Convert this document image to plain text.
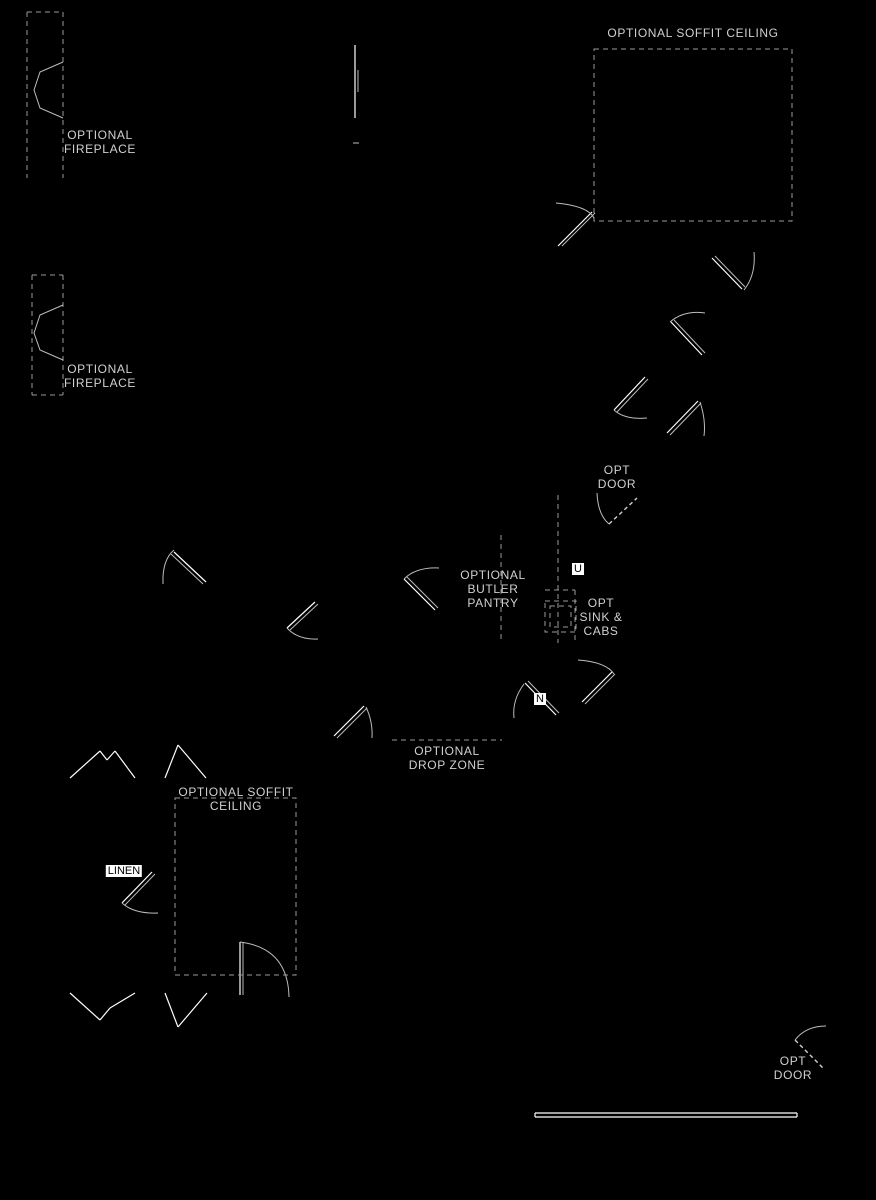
OPTIONAL SOFFIT CEILING
OPTIONAL
FIREPLACE
OPTIONAL
FIREPLACE
OPT
DOOR
OPTIONAL
BUTLER
PANTRY	OPT
SINK &
CABS
OPTIONAL
DROP ZONE
OPTIONAL SOFFIT
CEILING
OPT
DOOR
U
N
LINEN
